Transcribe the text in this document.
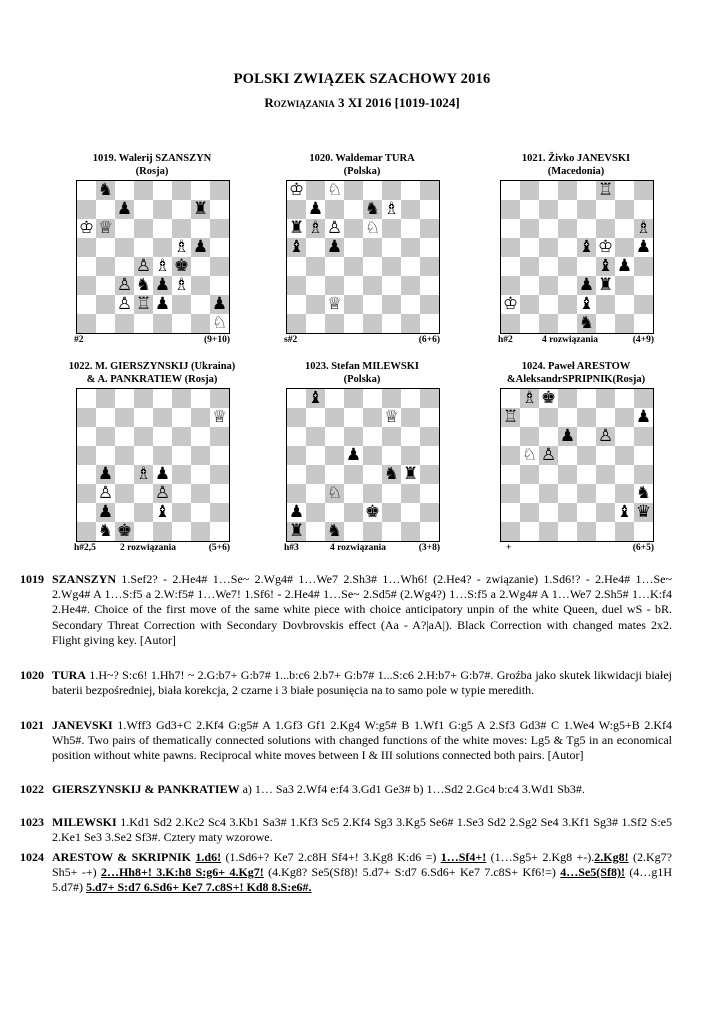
POLSKI ZWIĄZEK SZACHOWY 2016
Rozwiązania 3 XI 2016 [1019-1024]
1019. Walerij SZANSZYN
(Rosja)
♞
♟	♜
♔ ♕
♗ ♟
♙ ♗ ♚
♙ ♞ ♟ ♗
♙ ♖ ♟ ♟
♘
#2	(9+10)
1020. Waldemar TURA
(Polska)
♔ ♘
♟ ♞ ♗
♜ ♗ ♙ ♘
♝ ♟
♕
s#2	(6+6)
1021. Živko JANEVSKI
(Macedonia)
♖
♗
♝ ♔ ♟
♝ ♟
♟ ♜
♔	♝
♞
h#2	4 rozwiązania	(4+9)
1022. M. GIERSZYNSKIJ (Ukraina)
& A. PANKRATIEW (Rosja)
♕
♟ ♗ ♟
♙ ♙
♟ ♝
♞ ♚
h#2,5	2 rozwiązania	(5+6)
1023. Stefan MILEWSKI
(Polska)
♝
♕
♟
♞ ♜
♘
♟	♚
♜ ♞
h#3	4 rozwiązania	(3+8)
1024. Paweł ARESTOW
&AleksandrSPRIPNIK(Rosja)
♗ ♚
♖	♟
♟ ♙
♘ ♙
♞
♝ ♛
+	(6+5)
1019 SZANSZYN 1.Sef2? - 2.He4# 1…Se~ 2.Wg4# 1…We7 2.Sh3# 1…Wh6! (2.He4? - związanie) 1.Sd6!? - 2.He4# 1…Se~ 2.Wg4# A 1…S:f5 a 2.W:f5# 1…We7! 1.Sf6! - 2.He4# 1…Se~ 2.Sd5# (2.Wg4?) 1…S:f5 a 2.Wg4# A 1…We7 2.Sh5# 1…K:f4 2.He4#. Choice of the first move of the same white piece with choice anticipatory unpin of the white Queen, duel wS - bR. Secondary Threat Correction with Secondary Dovbrovskis effect (Aa - A?|aA|). Black Correction with changed mates 2x2. Flight giving key. [Autor]
1020 TURA 1.H~? S:c6! 1.Hh7! ~ 2.G:b7+ G:b7# 1...b:c6 2.b7+ G:b7# 1...S:c6 2.H:b7+ G:b7#. Groźba jako skutek likwidacji białej baterii bezpośredniej, biała korekcja, 2 czarne i 3 białe posunięcia na to samo pole w typie meredith.
1021 JANEVSKI 1.Wff3 Gd3+C 2.Kf4 G:g5# A 1.Gf3 Gf1 2.Kg4 W:g5# B 1.Wf1 G:g5 A 2.Sf3 Gd3# C 1.We4 W:g5+B 2.Kf4 Wh5#. Two pairs of thematically connected solutions with changed functions of the white moves: Lg5 & Tg5 in an economical position without white pawns. Reciprocal white moves between I & III solutions connected both pairs. [Autor]
1022 GIERSZYNSKIJ & PANKRATIEW a) 1… Sa3 2.Wf4 e:f4 3.Gd1 Ge3# b) 1…Sd2 2.Gc4 b:c4 3.Wd1 Sb3#.
1023 MILEWSKI 1.Kd1 Sd2 2.Kc2 Sc4 3.Kb1 Sa3# 1.Kf3 Sc5 2.Kf4 Sg3 3.Kg5 Se6# 1.Se3 Sd2 2.Sg2 Se4 3.Kf1 Sg3# 1.Sf2 S:e5 2.Ke1 Se3 3.Se2 Sf3#. Cztery maty wzorowe.
1024 ARESTOW & SKRIPNIK 1.d6! (1.Sd6+? Ke7 2.c8H Sf4+! 3.Kg8 K:d6 =) 1…Sf4+! (1…Sg5+ 2.Kg8 +-).2.Kg8! (2.Kg7? Sh5+ -+) 2…Hh8+! 3.K:h8 S:g6+ 4.Kg7! (4.Kg8? Se5(Sf8)! 5.d7+ S:d7 6.Sd6+ Ke7 7.c8S+ Kf6!=) 4…Se5(Sf8)! (4…g1H 5.d7#) 5.d7+ S:d7 6.Sd6+ Ke7 7.c8S+! Kd8 8.S:e6#.
